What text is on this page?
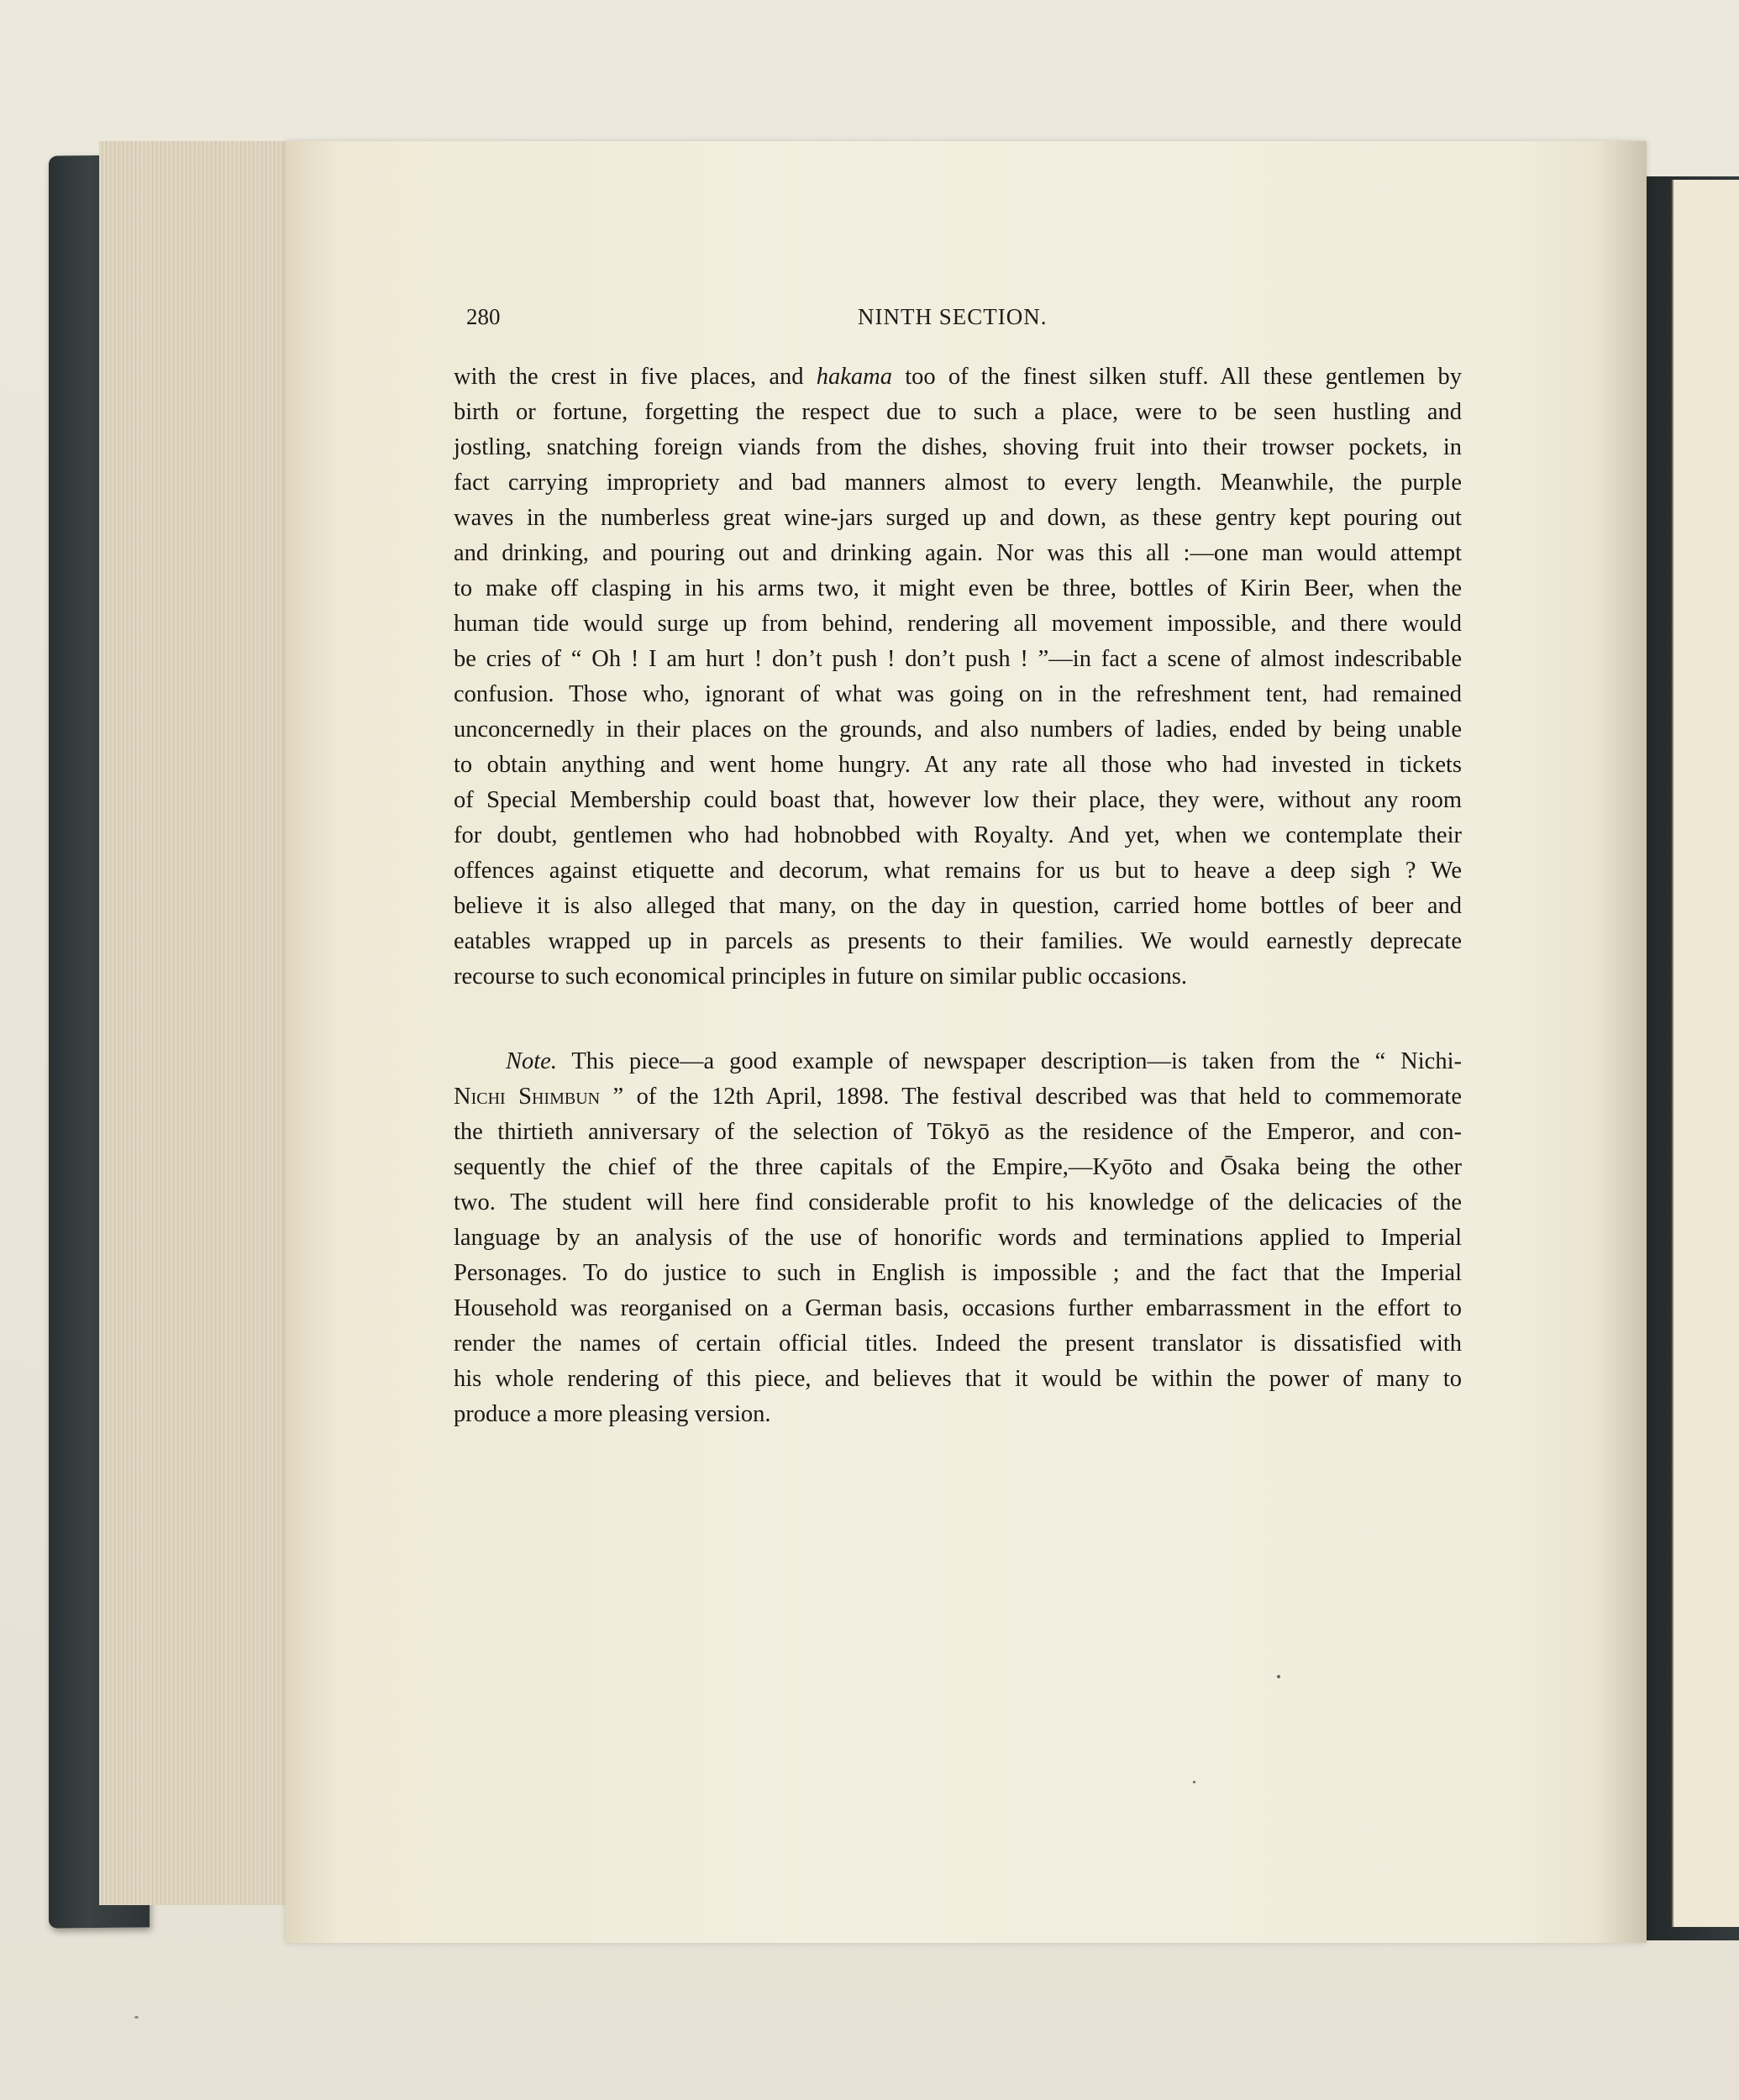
280	NINTH SECTION.
with the crest in five places, and hakama too of the finest silken stuff. All these gentlemen by
birth or fortune, forgetting the respect due to such a place, were to be seen hustling and
jostling, snatching foreign viands from the dishes, shoving fruit into their trowser pockets, in
fact carrying impropriety and bad manners almost to every length. Meanwhile, the purple
waves in the numberless great wine-jars surged up and down, as these gentry kept pouring out
and drinking, and pouring out and drinking again. Nor was this all :—one man would attempt
to make off clasping in his arms two, it might even be three, bottles of Kirin Beer, when the
human tide would surge up from behind, rendering all movement impossible, and there would
be cries of “ Oh ! I am hurt ! don’t push ! don’t push ! ”—in fact a scene of almost indescribable
confusion. Those who, ignorant of what was going on in the refreshment tent, had remained
unconcernedly in their places on the grounds, and also numbers of ladies, ended by being unable
to obtain anything and went home hungry. At any rate all those who had invested in tickets
of Special Membership could boast that, however low their place, they were, without any room
for doubt, gentlemen who had hobnobbed with Royalty. And yet, when we contemplate their
offences against etiquette and decorum, what remains for us but to heave a deep sigh ? We
believe it is also alleged that many, on the day in question, carried home bottles of beer and
eatables wrapped up in parcels as presents to their families. We would earnestly deprecate
recourse to such economical principles in future on similar public occasions.
Note. This piece—a good example of newspaper description—is taken from the “ Nichi-
Nichi Shimbun ” of the 12th April, 1898. The festival described was that held to commemorate
the thirtieth anniversary of the selection of Tōkyō as the residence of the Emperor, and con-
sequently the chief of the three capitals of the Empire,—Kyōto and Ōsaka being the other
two. The student will here find considerable profit to his knowledge of the delicacies of the
language by an analysis of the use of honorific words and terminations applied to Imperial
Personages. To do justice to such in English is impossible ; and the fact that the Imperial
Household was reorganised on a German basis, occasions further embarrassment in the effort to
render the names of certain official titles. Indeed the present translator is dissatisfied with
his whole rendering of this piece, and believes that it would be within the power of many to
produce a more pleasing version.
